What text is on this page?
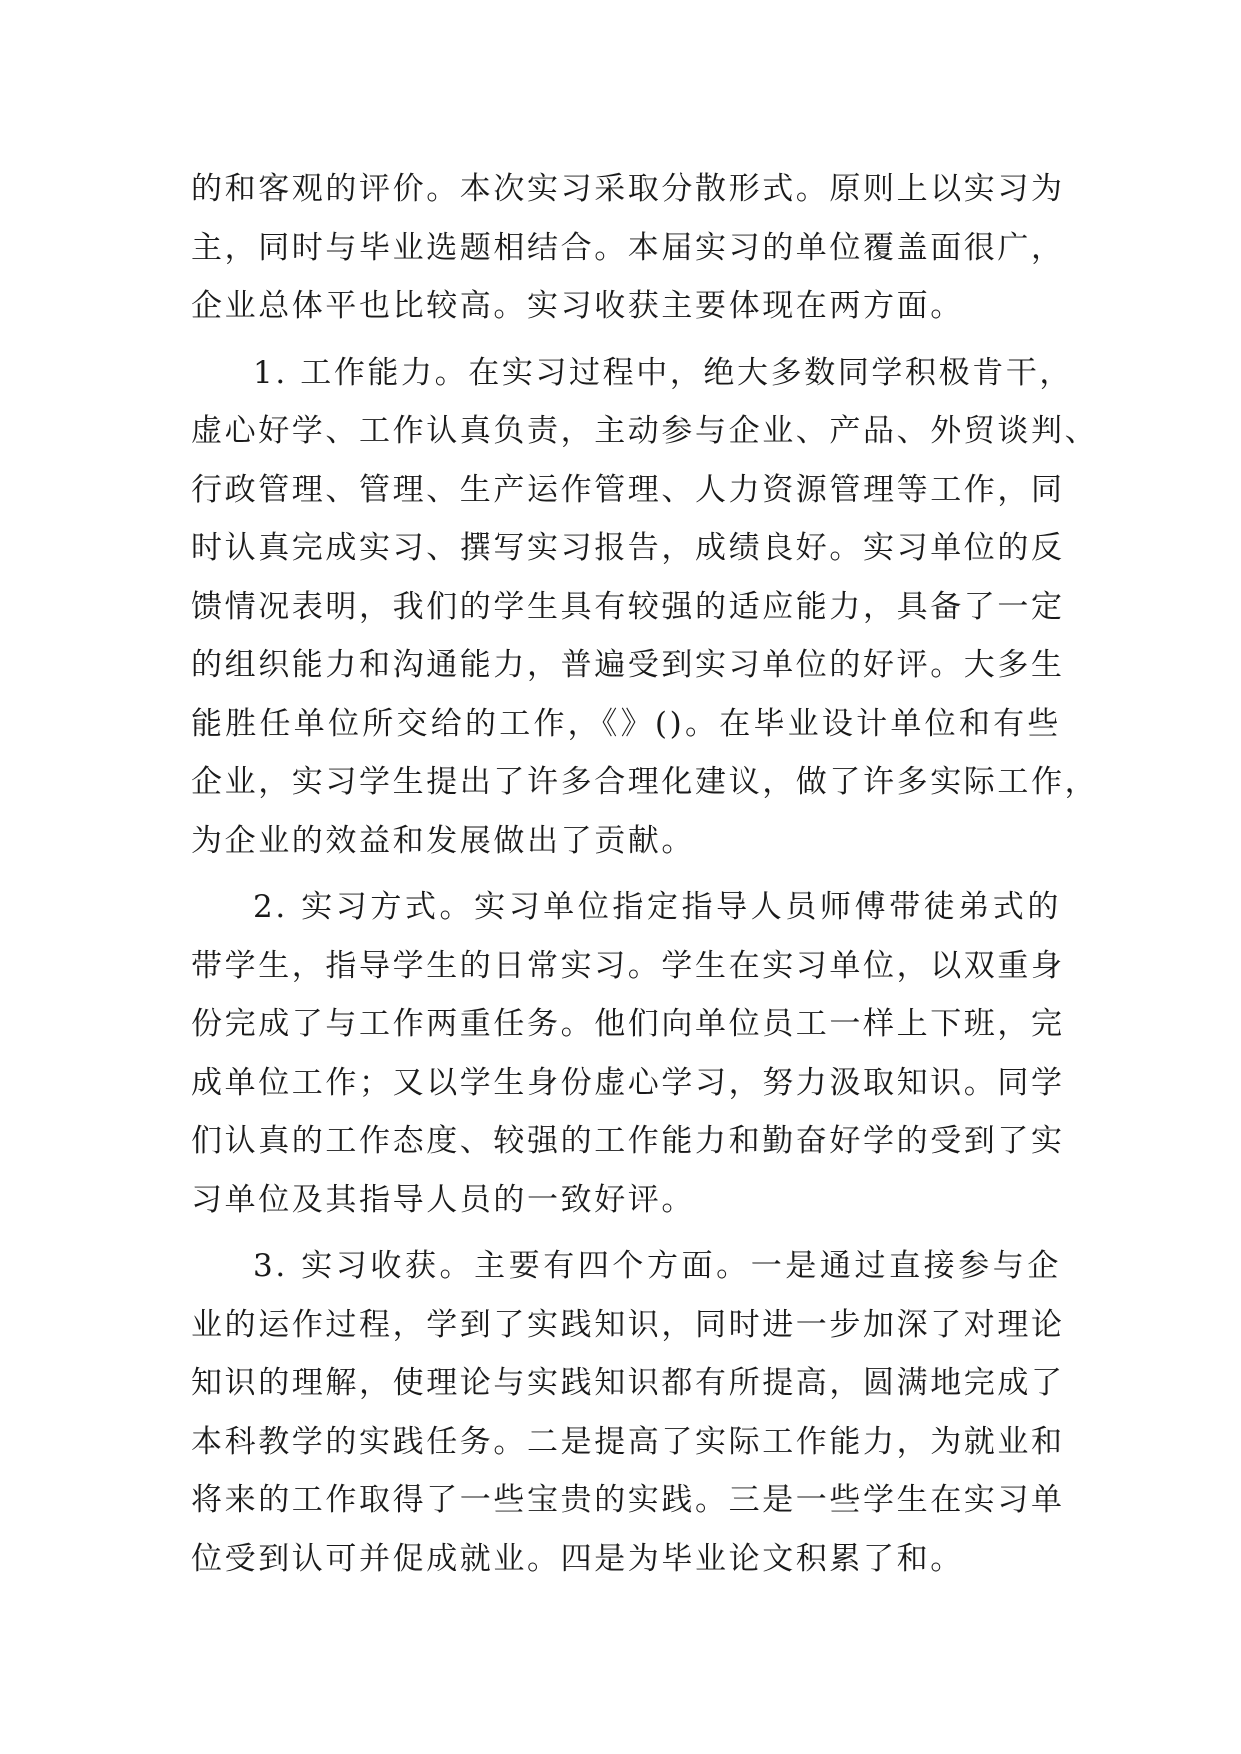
的和客观的评价。本次实习采取分散形式。原则上以实习为
主，同时与毕业选题相结合。本届实习的单位覆盖面很广，
企业总体平也比较高。实习收获主要体现在两方面。
1. 工作能力。在实习过程中，绝大多数同学积极肯干，
虚心好学、工作认真负责，主动参与企业、产品、外贸谈判、
行政管理、管理、生产运作管理、人力资源管理等工作，同
时认真完成实习、撰写实习报告，成绩良好。实习单位的反
馈情况表明，我们的学生具有较强的适应能力，具备了一定
的组织能力和沟通能力，普遍受到实习单位的好评。大多生
能胜任单位所交给的工作，《》()。在毕业设计单位和有些
企业，实习学生提出了许多合理化建议，做了许多实际工作，
为企业的效益和发展做出了贡献。
2. 实习方式。实习单位指定指导人员师傅带徒弟式的
带学生，指导学生的日常实习。学生在实习单位，以双重身
份完成了与工作两重任务。他们向单位员工一样上下班，完
成单位工作；又以学生身份虚心学习，努力汲取知识。同学
们认真的工作态度、较强的工作能力和勤奋好学的受到了实
习单位及其指导人员的一致好评。
3. 实习收获。主要有四个方面。一是通过直接参与企
业的运作过程，学到了实践知识，同时进一步加深了对理论
知识的理解，使理论与实践知识都有所提高，圆满地完成了
本科教学的实践任务。二是提高了实际工作能力，为就业和
将来的工作取得了一些宝贵的实践。三是一些学生在实习单
位受到认可并促成就业。四是为毕业论文积累了和。
